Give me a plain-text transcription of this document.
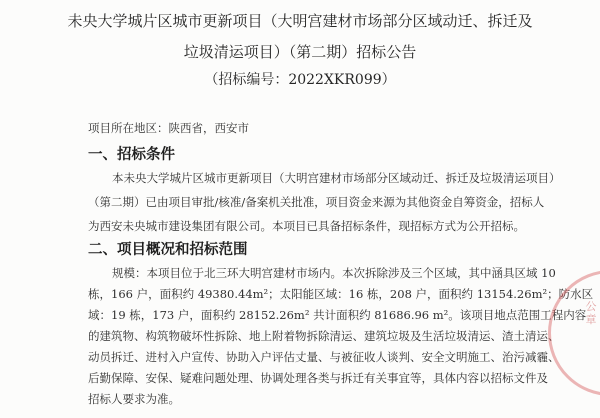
未央大学城片区城市更新项目（大明宫建材市场部分区域动迁、拆迁及
垃圾清运项目）（第二期）招标公告
（招标编号：2022XKR099）
项目所在地区：陕西省，西安市
一、招标条件
本未央大学城片区城市更新项目（大明宫建材市场部分区域动迁、拆迁及垃圾清运项目）
（第二期）已由项目审批/核准/备案机关批准，项目资金来源为其他资金自筹资金，招标人
为西安未央城市建设集团有限公司。本项目已具备招标条件，现招标方式为公开招标。
二、项目概况和招标范围
规模：本项目位于北三环大明宫建材市场内。本次拆除涉及三个区域，其中涵具区域 10
栋，166 户，面积约 49380.44m²；太阳能区域：16 栋，208 户，面积约 13154.26m²；防水区
域：19 栋，173 户，面积约 28152.26m² 共计面积约 81686.96 m²。该项目地点范围工程内容
的建筑物、构筑物破坏性拆除、地上附着物拆除清运、建筑垃圾及生活垃圾清运、渣土清运、
动员拆迁、进村入户宣传、协助入户评估丈量、与被征收人谈判、安全文明施工、治污减霾、
后勤保障、安保、疑难问题处理、协调处理各类与拆迁有关事宜等，具体内容以招标文件及
招标人要求为准。
公章
